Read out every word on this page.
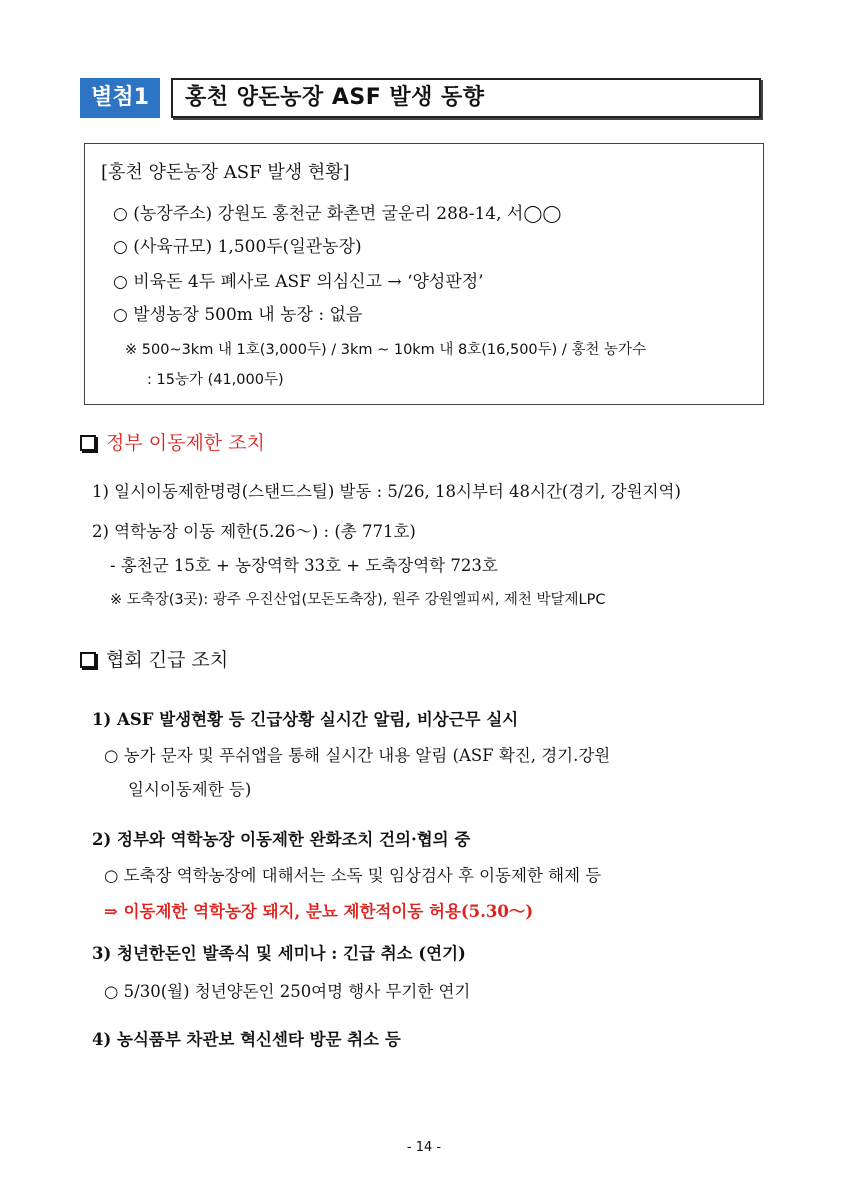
별첨1	홍천 양돈농장 ASF 발생 동향
[홍천 양돈농장 ASF 발생 현황]
○ (농장주소) 강원도 홍천군 화촌면 굴운리 288-14, 서◯◯
○ (사육규모) 1,500두(일관농장)
○ 비육돈 4두 폐사로 ASF 의심신고 → ‘양성판정’
○ 발생농장 500m 내 농장 : 없음
※ 500~3km 내 1호(3,000두) / 3km ~ 10km 내 8호(16,500두) / 홍천 농가수
: 15농가 (41,000두)
정부 이동제한 조치
1) 일시이동제한명령(스탠드스틸) 발동 : 5/26, 18시부터 48시간(경기, 강원지역)
2) 역학농장 이동 제한(5.26～) : (총 771호)
- 홍천군 15호 + 농장역학 33호 + 도축장역학 723호
※ 도축장(3곳): 광주 우진산업(모돈도축장), 원주 강원엘피씨, 제천 박달제LPC
협회 긴급 조치
1) ASF 발생현황 등 긴급상황 실시간 알림, 비상근무 실시
○ 농가 문자 및 푸쉬앱을 통해 실시간 내용 알림 (ASF 확진, 경기.강원
일시이동제한 등)
2) 정부와 역학농장 이동제한 완화조치 건의·협의 중
○ 도축장 역학농장에 대해서는 소독 및 임상검사 후 이동제한 해제 등
⇒ 이동제한 역학농장 돼지, 분뇨 제한적이동 허용(5.30～)
3) 청년한돈인 발족식 및 세미나 : 긴급 취소 (연기)
○ 5/30(월) 청년양돈인 250여명 행사 무기한 연기
4) 농식품부 차관보 혁신센타 방문 취소 등
- 14 -
